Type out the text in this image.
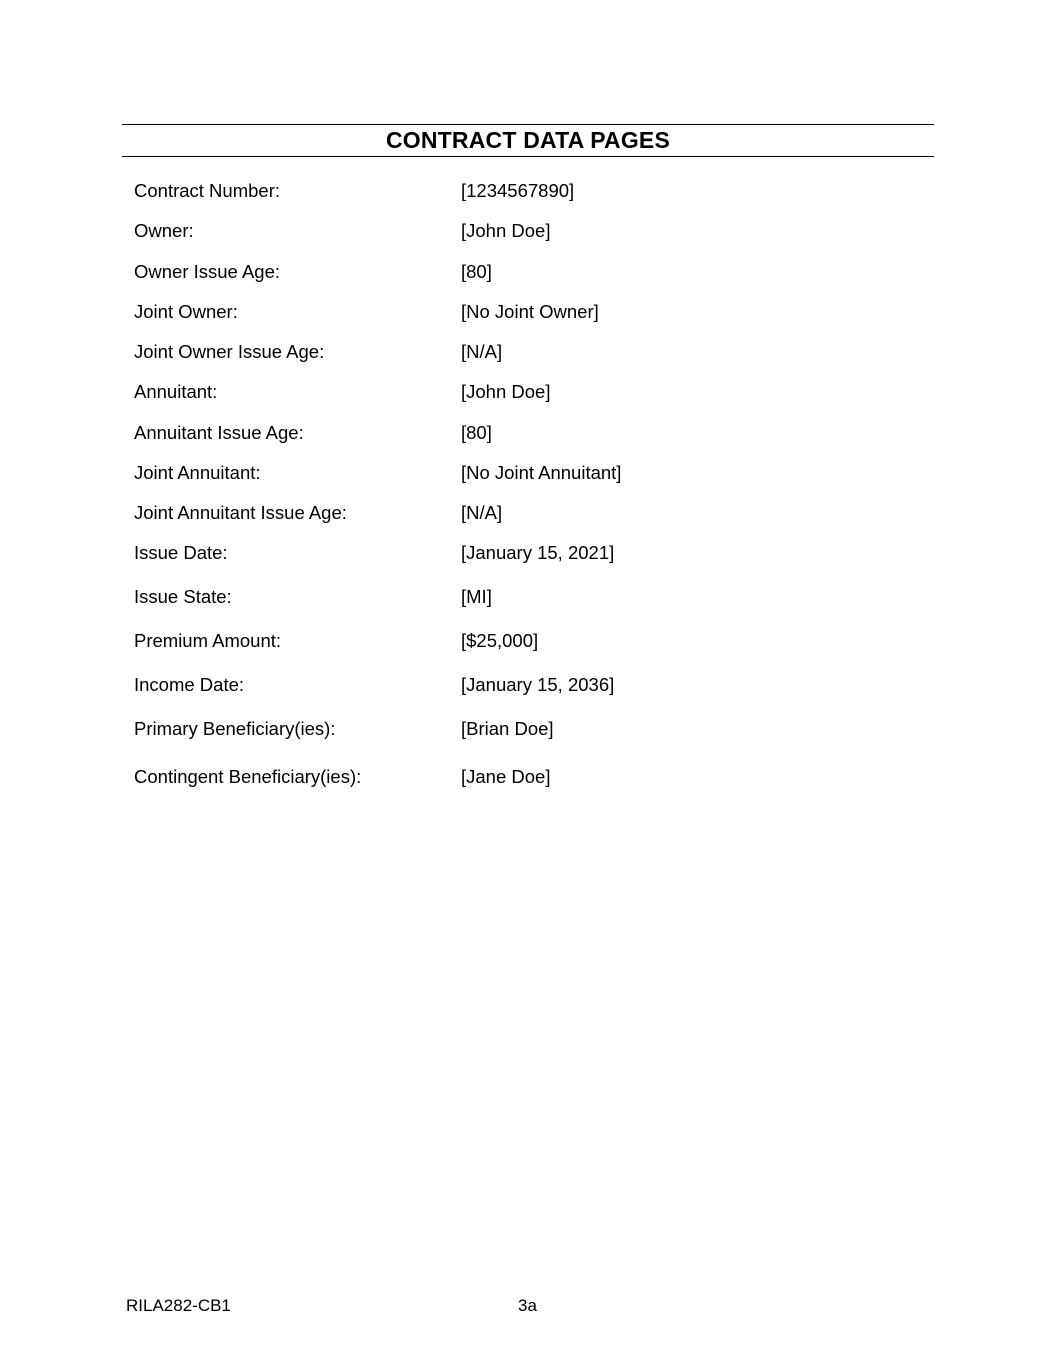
CONTRACT DATA PAGES
Contract Number:	[1234567890]
Owner:	[John Doe]
Owner Issue Age:	[80]
Joint Owner:	[No Joint Owner]
Joint Owner Issue Age:	[N/A]
Annuitant:	[John Doe]
Annuitant Issue Age:	[80]
Joint Annuitant:	[No Joint Annuitant]
Joint Annuitant Issue Age:	[N/A]
Issue Date:	[January 15, 2021]
Issue State:	[MI]
Premium Amount:	[$25,000]
Income Date:	[January 15, 2036]
Primary Beneficiary(ies):	[Brian Doe]
Contingent Beneficiary(ies):	[Jane Doe]
RILA282-CB1	3a
